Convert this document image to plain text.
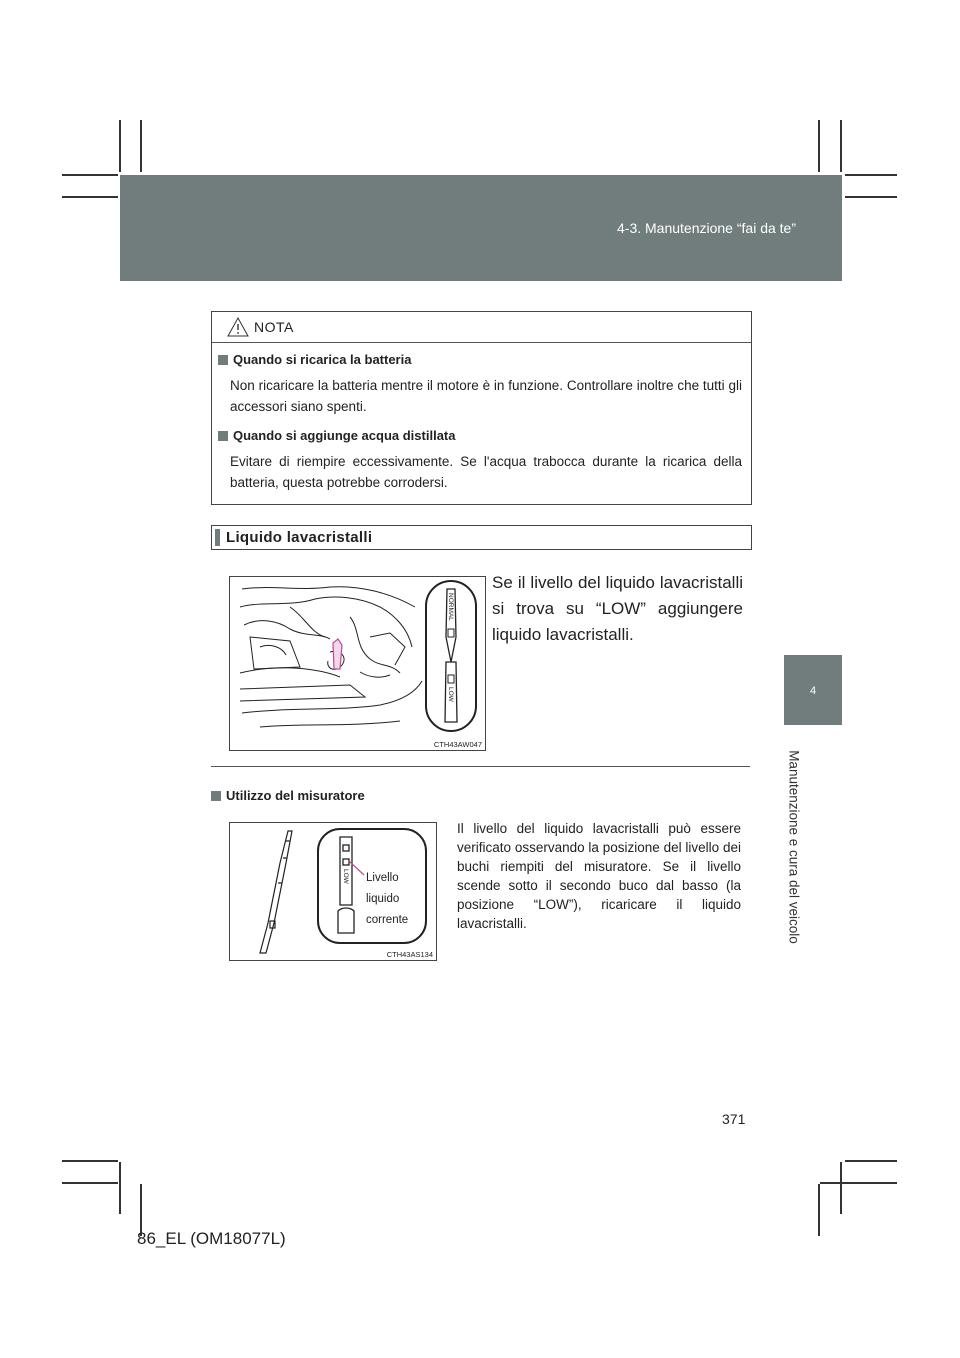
4-3. Manutenzione “fai da te”
4
Manutenzione e cura del veicolo
NOTA
Quando si ricarica la batteria
Non ricaricare la batteria mentre il motore è in funzione. Controllare inoltre che tutti gli accessori siano spenti.
Quando si aggiunge acqua distillata
Evitare di riempire eccessivamente. Se l'acqua trabocca durante la ricarica della batteria, questa potrebbe corrodersi.
Liquido lavacristalli
Se il livello del liquido lavacristalli si trova su “LOW” aggiungere liquido lavacristalli.
NORMAL
LOW
CTH43AW047
Utilizzo del misuratore
LOW Livello
liquido
corrente
CTH43AS134
Il livello del liquido lavacristalli può essere verificato osservando la posizione del livello dei buchi riempiti del misuratore. Se il livello scende sotto il secondo buco dal basso (la posizione “LOW”), ricaricare il liquido lavacristalli.
371
86_EL (OM18077L)
